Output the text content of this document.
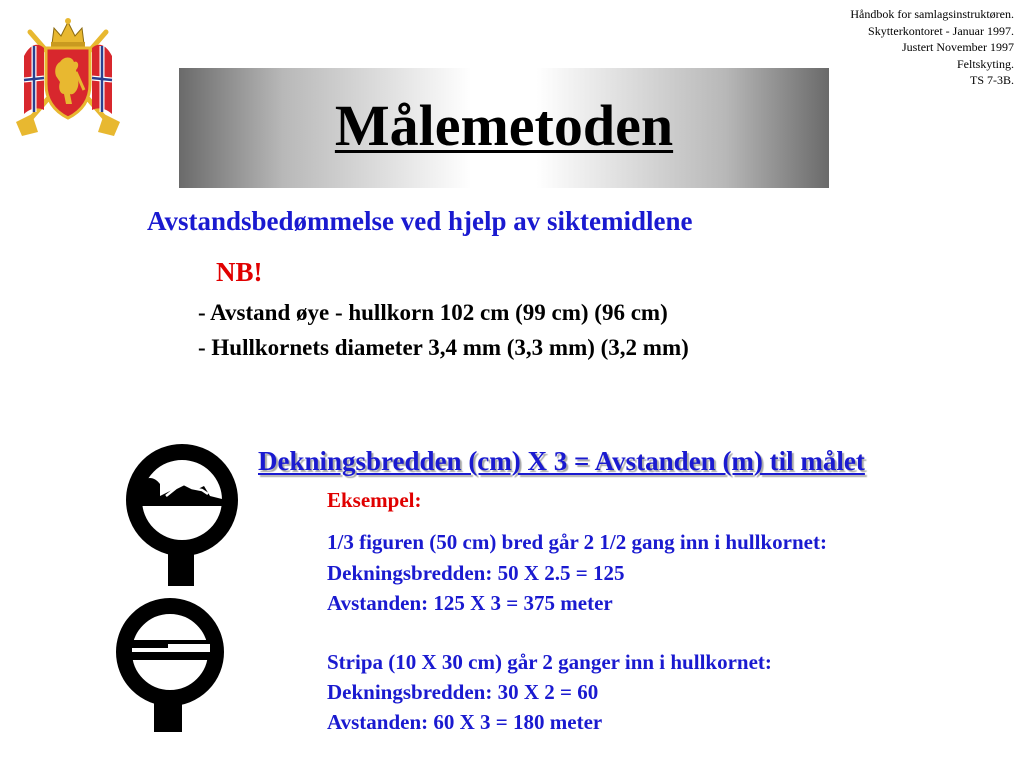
Håndbok for samlagsinstruktøren.
Skytterkontoret - Januar 1997.
Justert November 1997
Feltskyting.
TS 7-3B.
Målemetoden
Avstandsbedømmelse ved hjelp av siktemidlene
NB!
- Avstand øye - hullkorn 102 cm (99 cm) (96 cm)
- Hullkornets diameter 3,4 mm (3,3 mm) (3,2 mm)
Dekningsbredden (cm) X 3 = Avstanden (m) til målet
Eksempel:
1/3 figuren (50 cm) bred går 2 1/2 gang inn i hullkornet:
Dekningsbredden: 50 X 2.5 = 125
Avstanden: 125 X 3 = 375 meter
Stripa (10 X 30 cm) går 2 ganger inn i hullkornet:
Dekningsbredden: 30 X 2 = 60
Avstanden: 60 X 3 = 180 meter
